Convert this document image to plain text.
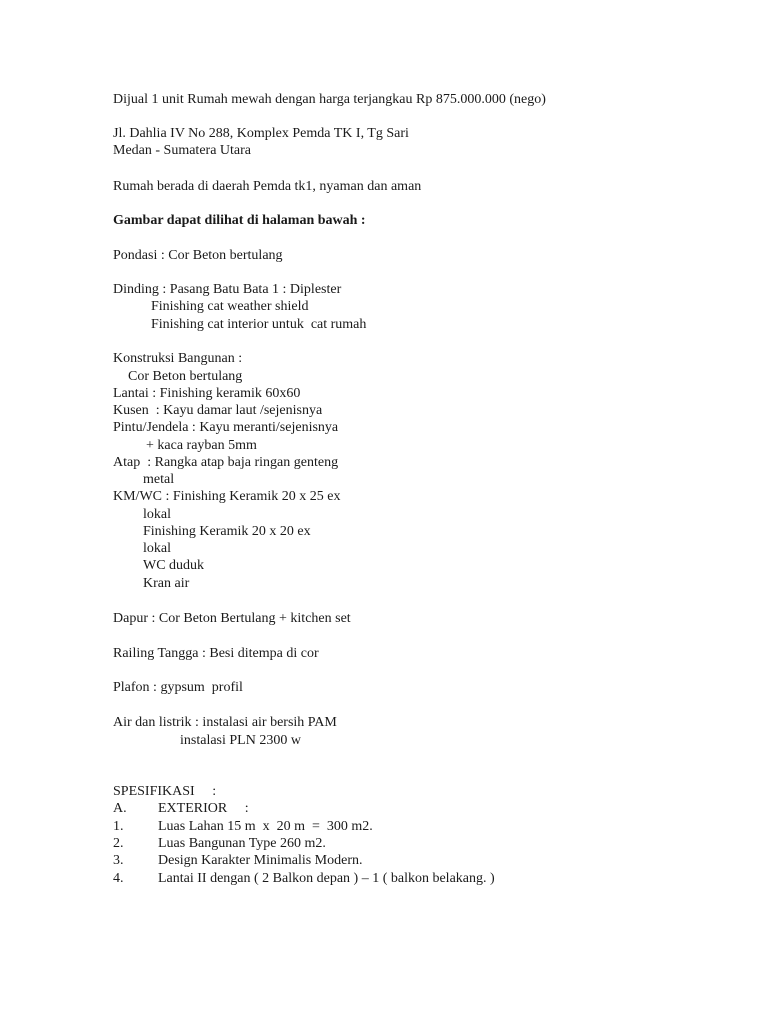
Dijual 1 unit Rumah mewah dengan harga terjangkau Rp 875.000.000 (nego)
Jl. Dahlia IV No 288, Komplex Pemda TK I, Tg Sari
Medan - Sumatera Utara
Rumah berada di daerah Pemda tk1, nyaman dan aman
Gambar dapat dilihat di halaman bawah :
Pondasi : Cor Beton bertulang
Dinding : Pasang Batu Bata 1 : Diplester
Finishing cat weather shield
Finishing cat interior untuk  cat rumah
Konstruksi Bangunan :
Cor Beton bertulang
Lantai : Finishing keramik 60x60
Kusen  : Kayu damar laut /sejenisnya
Pintu/Jendela : Kayu meranti/sejenisnya
+ kaca rayban 5mm
Atap  : Rangka atap baja ringan genteng
metal
KM/WC : Finishing Keramik 20 x 25 ex
lokal
Finishing Keramik 20 x 20 ex
lokal
WC duduk
Kran air
Dapur : Cor Beton Bertulang + kitchen set
Railing Tangga : Besi ditempa di cor
Plafon : gypsum  profil
Air dan listrik : instalasi air bersih PAM
instalasi PLN 2300 w
SPESIFIKASI     :
A. EXTERIOR     :
1. Luas Lahan 15 m  x  20 m  =  300 m2.
2. Luas Bangunan Type 260 m2.
3. Design Karakter Minimalis Modern.
4. Lantai II dengan ( 2 Balkon depan ) – 1 ( balkon belakang. )
